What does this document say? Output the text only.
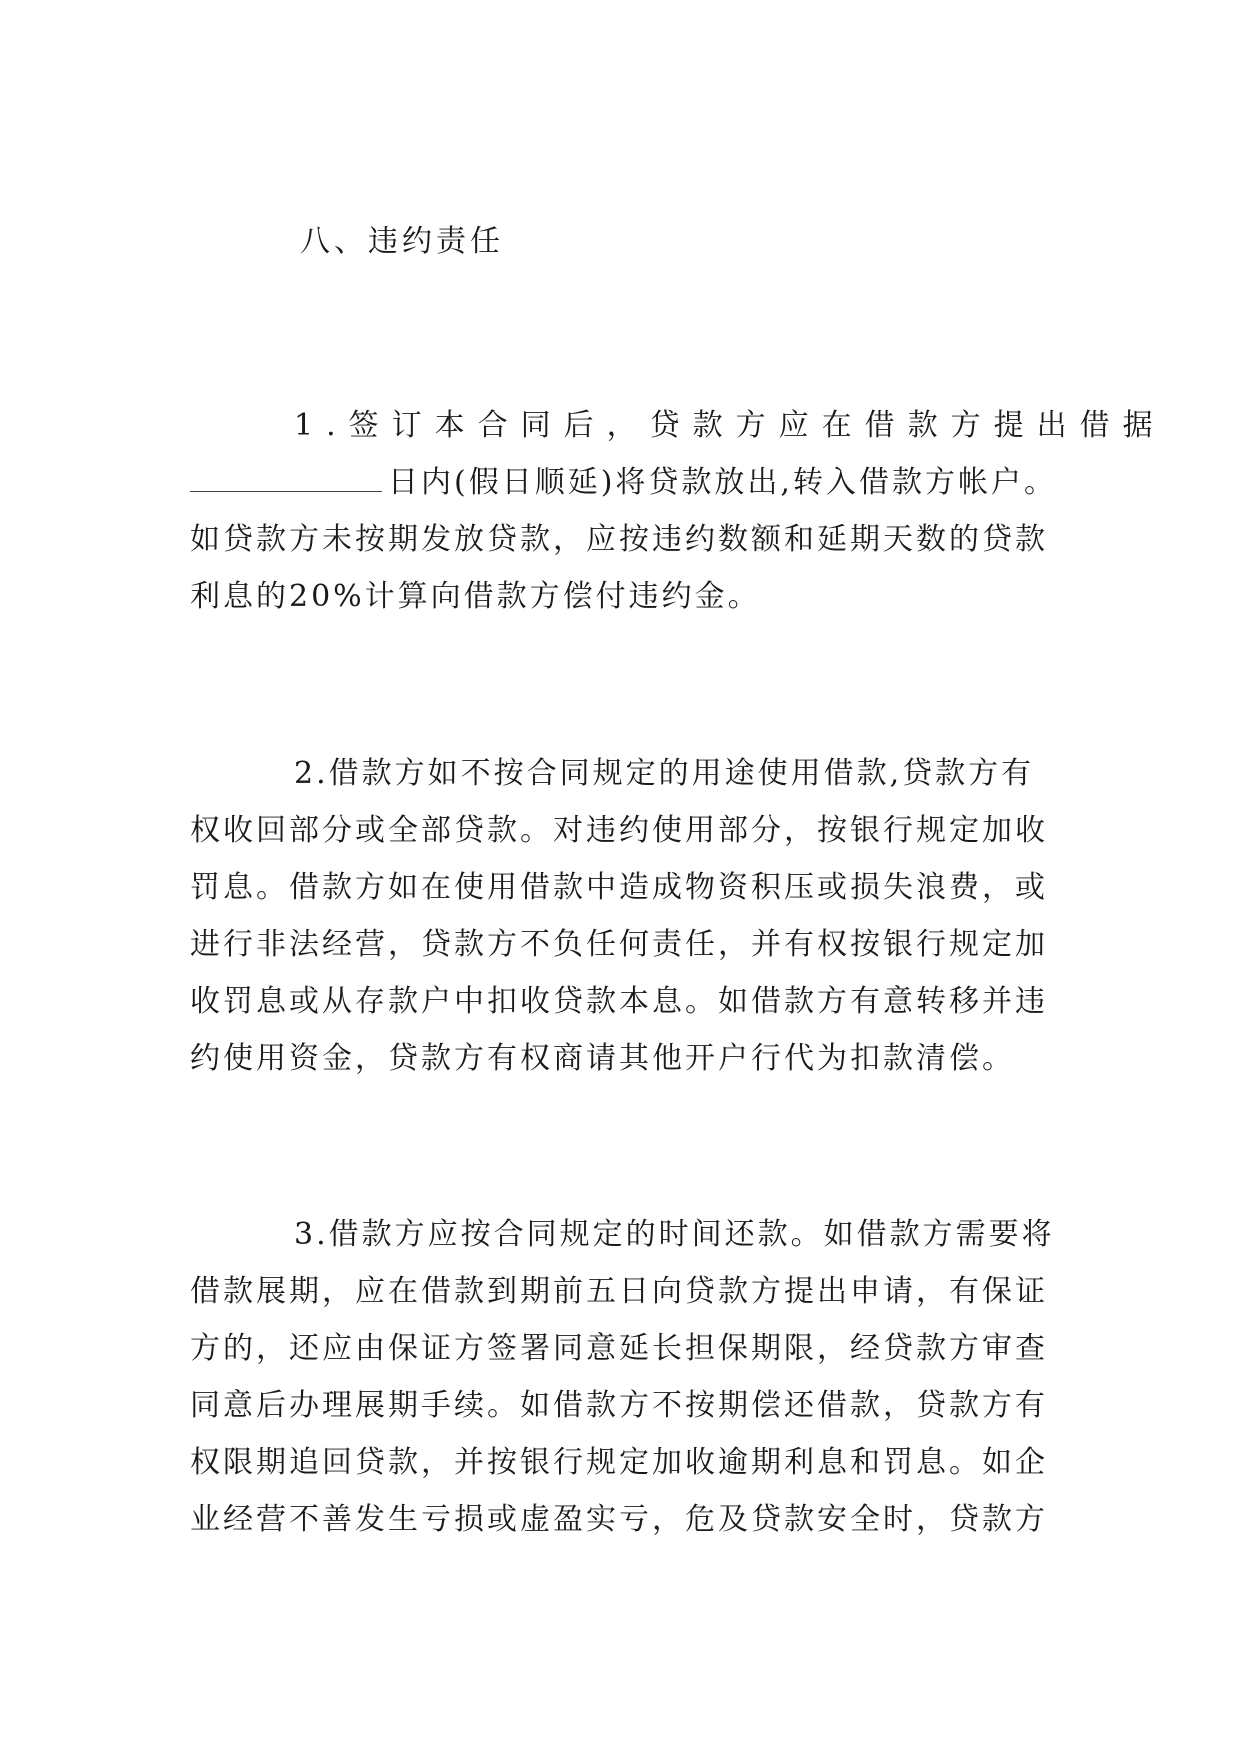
八、违约责任
1.签订本合同后，贷款方应在借款方提出借据
日内(假日顺延)将贷款放出,转入借款方帐户。
如贷款方未按期发放贷款，应按违约数额和延期天数的贷款
利息的20%计算向借款方偿付违约金。
2.借款方如不按合同规定的用途使用借款,贷款方有
权收回部分或全部贷款。对违约使用部分，按银行规定加收
罚息。借款方如在使用借款中造成物资积压或损失浪费，或
进行非法经营，贷款方不负任何责任，并有权按银行规定加
收罚息或从存款户中扣收贷款本息。如借款方有意转移并违
约使用资金，贷款方有权商请其他开户行代为扣款清偿。
3.借款方应按合同规定的时间还款。如借款方需要将
借款展期，应在借款到期前五日向贷款方提出申请，有保证
方的，还应由保证方签署同意延长担保期限，经贷款方审查
同意后办理展期手续。如借款方不按期偿还借款，贷款方有
权限期追回贷款，并按银行规定加收逾期利息和罚息。如企
业经营不善发生亏损或虚盈实亏，危及贷款安全时，贷款方
